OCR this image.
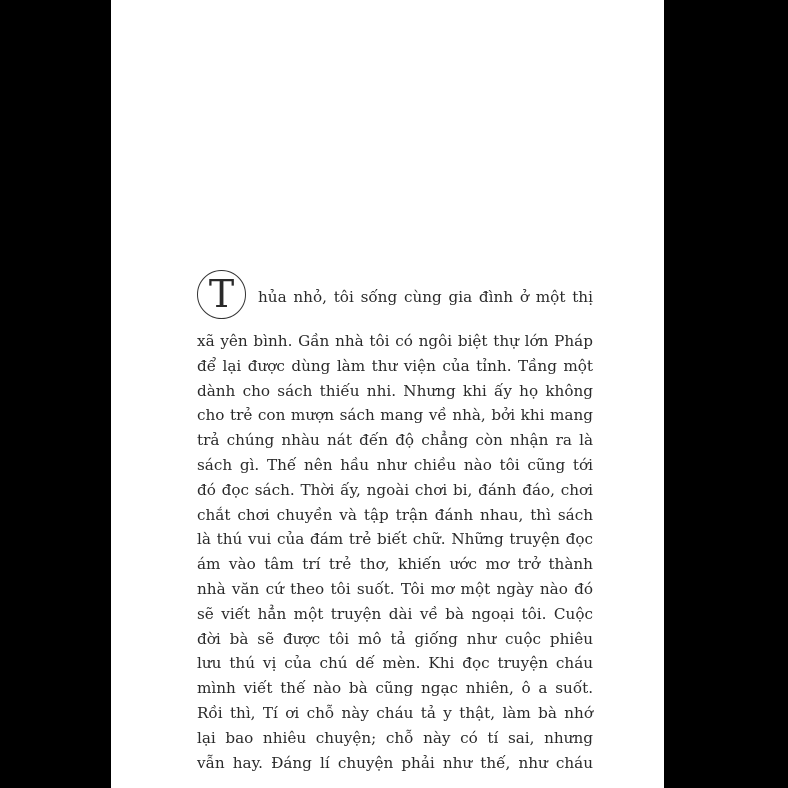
T	hủa nhỏ, tôi sống cùng gia đình ở một thị
xã yên bình. Gần nhà tôi có ngôi biệt thự lớn Pháp
để lại được dùng làm thư viện của tỉnh. Tầng một
dành cho sách thiếu nhi. Nhưng khi ấy họ không
cho trẻ con mượn sách mang về nhà, bởi khi mang
trả chúng nhàu nát đến độ chẳng còn nhận ra là
sách gì. Thế nên hầu như chiều nào tôi cũng tới
đó đọc sách. Thời ấy, ngoài chơi bi, đánh đáo, chơi
chắt chơi chuyền và tập trận đánh nhau, thì sách
là thú vui của đám trẻ biết chữ. Những truyện đọc
ám vào tâm trí trẻ thơ, khiến ước mơ trở thành
nhà văn cứ theo tôi suốt. Tôi mơ một ngày nào đó
sẽ viết hẳn một truyện dài về bà ngoại tôi. Cuộc
đời bà sẽ được tôi mô tả giống như cuộc phiêu
lưu thú vị của chú dế mèn. Khi đọc truyện cháu
mình viết thế nào bà cũng ngạc nhiên, ô a suốt.
Rồi thì, Tí ơi chỗ này cháu tả y thật, làm bà nhớ
lại bao nhiêu chuyện; chỗ này có tí sai, nhưng
vẫn hay. Đáng lí chuyện phải như thế, như cháu
